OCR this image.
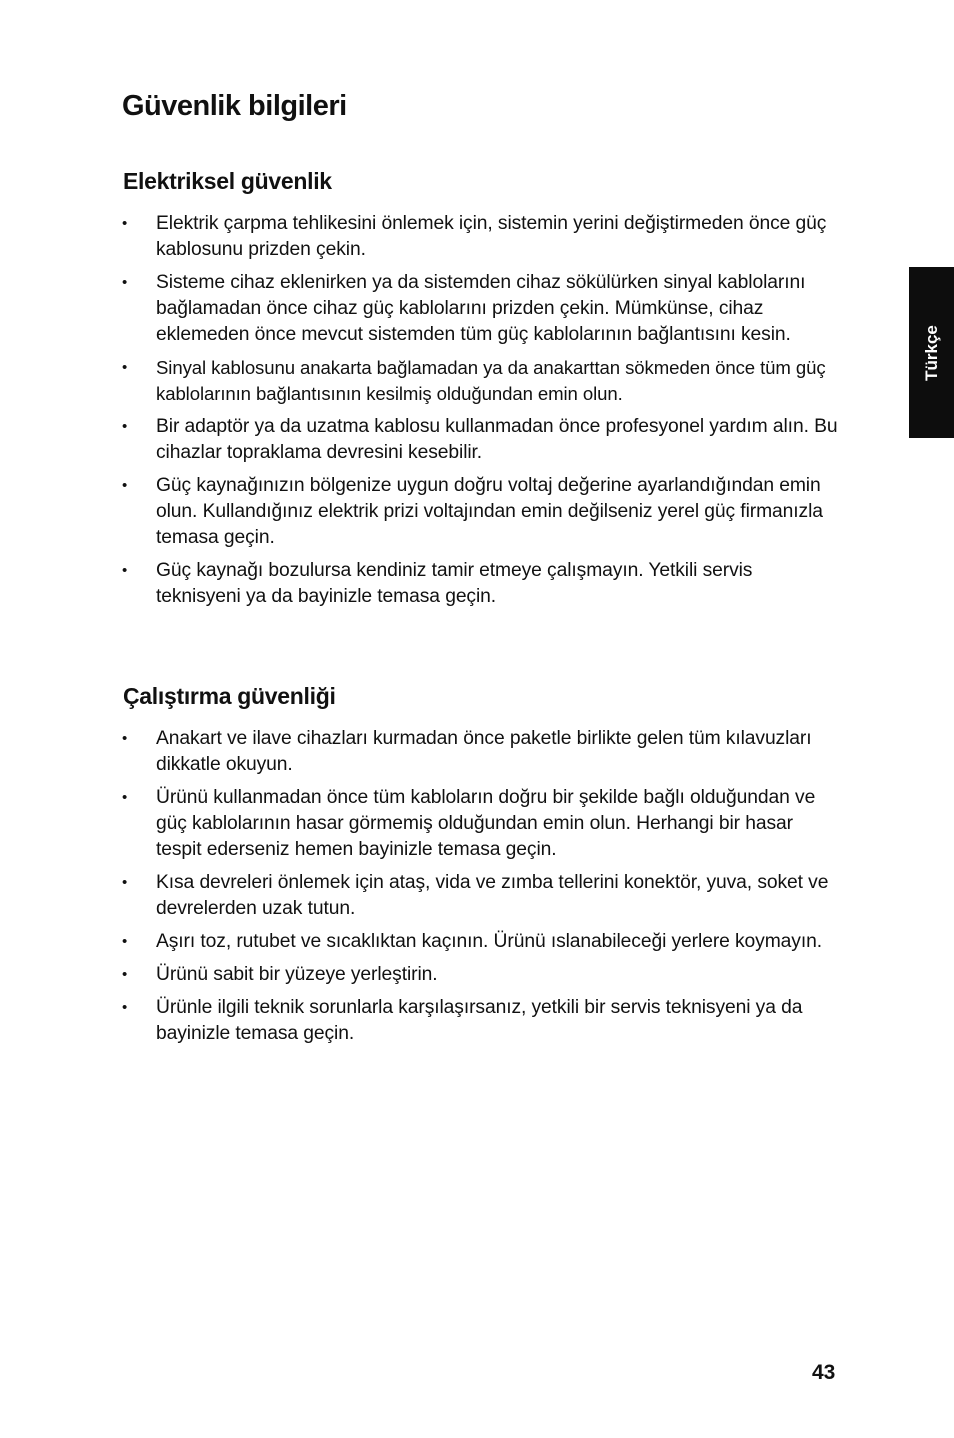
Güvenlik bilgileri
Elektriksel güvenlik
•	Elektrik çarpma tehlikesini önlemek için, sistemin yerini değiştirmeden önce güç kablosunu prizden çekin.
•	Sisteme cihaz eklenirken ya da sistemden cihaz sökülürken sinyal kablolarını bağlamadan önce cihaz güç kablolarını prizden çekin. Mümkünse, cihaz eklemeden önce mevcut sistemden tüm güç kablolarının bağlantısını kesin.
•	Sinyal kablosunu anakarta bağlamadan ya da anakarttan sökmeden önce tüm güç kablolarının bağlantısının kesilmiş olduğundan emin olun.
•	Bir adaptör ya da uzatma kablosu kullanmadan önce profesyonel yardım alın. Bu cihazlar topraklama devresini kesebilir.
•	Güç kaynağınızın bölgenize uygun doğru voltaj değerine ayarlandığından emin olun. Kullandığınız elektrik prizi voltajından emin değilseniz yerel güç firmanızla temasa geçin.
•	Güç kaynağı bozulursa kendiniz tamir etmeye çalışmayın. Yetkili servis teknisyeni ya da bayinizle temasa geçin.
Çalıştırma güvenliği
•	Anakart ve ilave cihazları kurmadan önce paketle birlikte gelen tüm kılavuzları dikkatle okuyun.
•	Ürünü kullanmadan önce tüm kabloların doğru bir şekilde bağlı olduğundan ve güç kablolarının hasar görmemiş olduğundan emin olun. Herhangi bir hasar tespit ederseniz hemen bayinizle temasa geçin.
•	Kısa devreleri önlemek için ataş, vida ve zımba tellerini konektör, yuva, soket ve devrelerden uzak tutun.
•	Aşırı toz, rutubet ve sıcaklıktan kaçının. Ürünü ıslanabileceği yerlere koymayın.
•	Ürünü sabit bir yüzeye yerleştirin.
•	Ürünle ilgili teknik sorunlarla karşılaşırsanız, yetkili bir servis teknisyeni ya da bayinizle temasa geçin.
Türkçe
43
